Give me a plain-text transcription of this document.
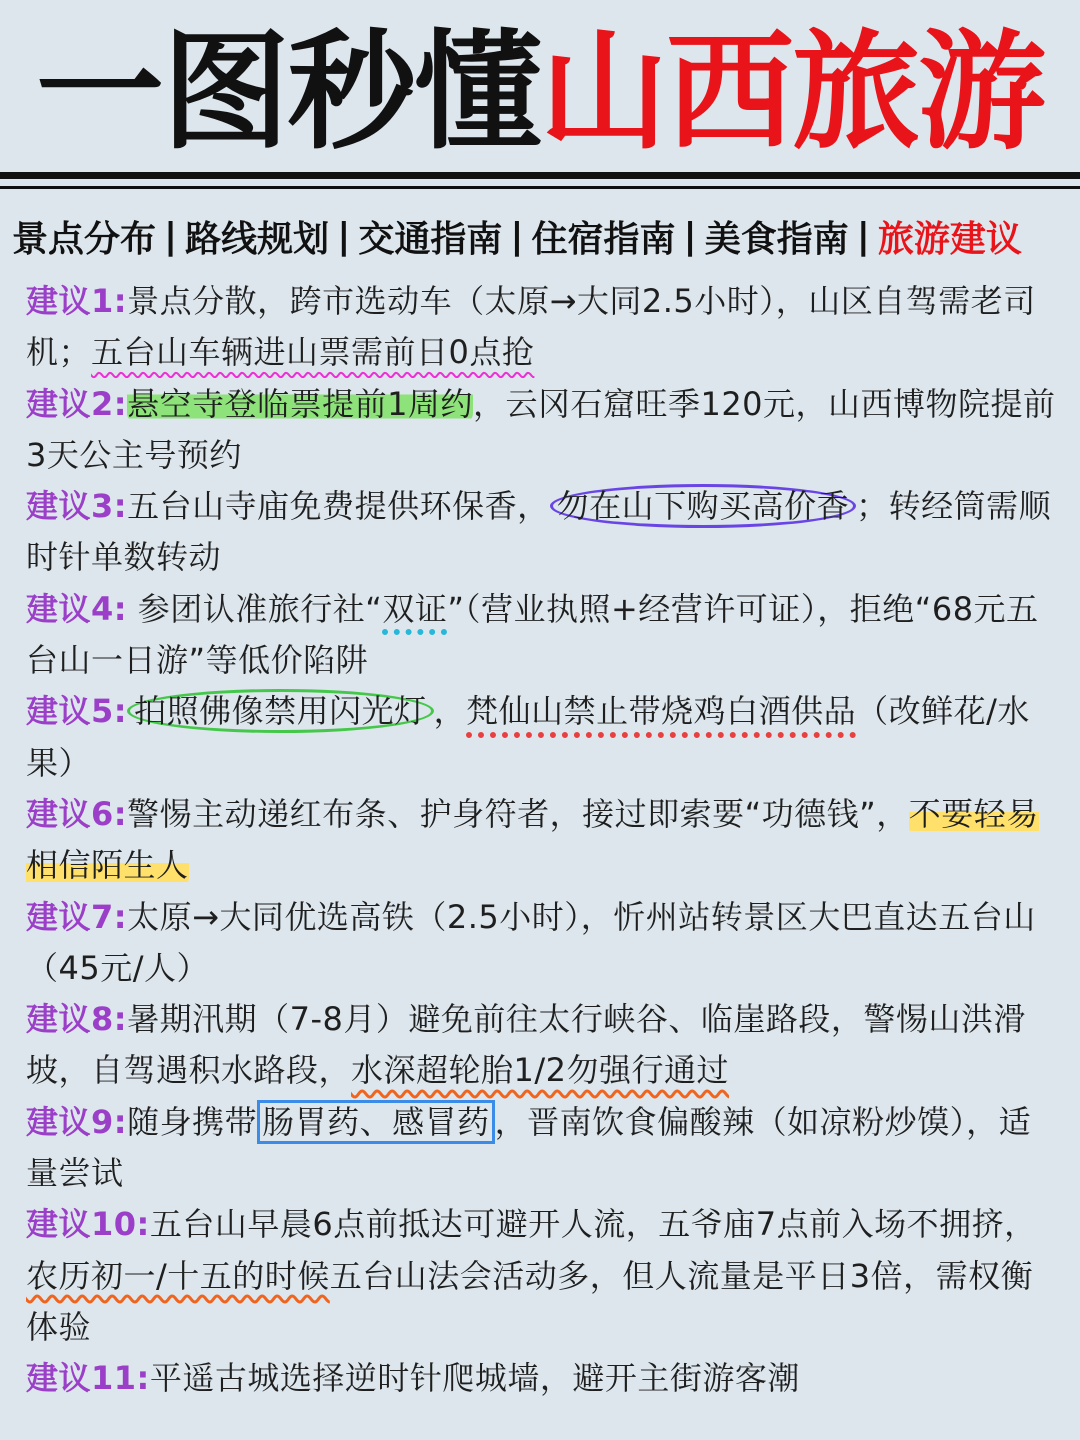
一图秒懂 山西旅游
景点分布 | 路线规划 | 交通指南 | 住宿指南 | 美食指南 | 旅游建议

建议1:景点分散，跨市选动车（太原→大同2.5小时），山区自驾需老司机；五台山车辆进山票需前日0点抢

建议2:悬空寺登临票提前1周约，云冈石窟旺季120元，山西博物院提前3天公主号预约

建议3:五台山寺庙免费提供环保香， 勿在山下购买高价香 ；转经筒需顺时针单数转动

建议4: 参团认准旅行社“双证”（营业执照+经营许可证），拒绝“68元五台山一日游”等低价陷阱

建议5: 拍照佛像禁用闪光灯 ，梵仙山禁止带烧鸡白酒供品（改鲜花/水果）

建议6:警惕主动递红布条、护身符者，接过即索要“功德钱”，不要轻易相信陌生人

建议7:太原→大同优选高铁（2.5小时），忻州站转景区大巴直达五台山（45元/人）

建议8:暑期汛期（7-8月）避免前往太行峡谷、临崖路段，警惕山洪滑坡，自驾遇积水路段，水深超轮胎1/2勿强行通过

建议9:随身携带 肠胃药、感冒药 ，晋南饮食偏酸辣（如凉粉炒馍），适量尝试

建议10:五台山早晨6点前抵达可避开人流，五爷庙7点前入场不拥挤，农历初一/十五的时候五台山法会活动多，但人流量是平日3倍，需权衡体验

建议11:平遥古城选择逆时针爬城墙，避开主街游客潮
